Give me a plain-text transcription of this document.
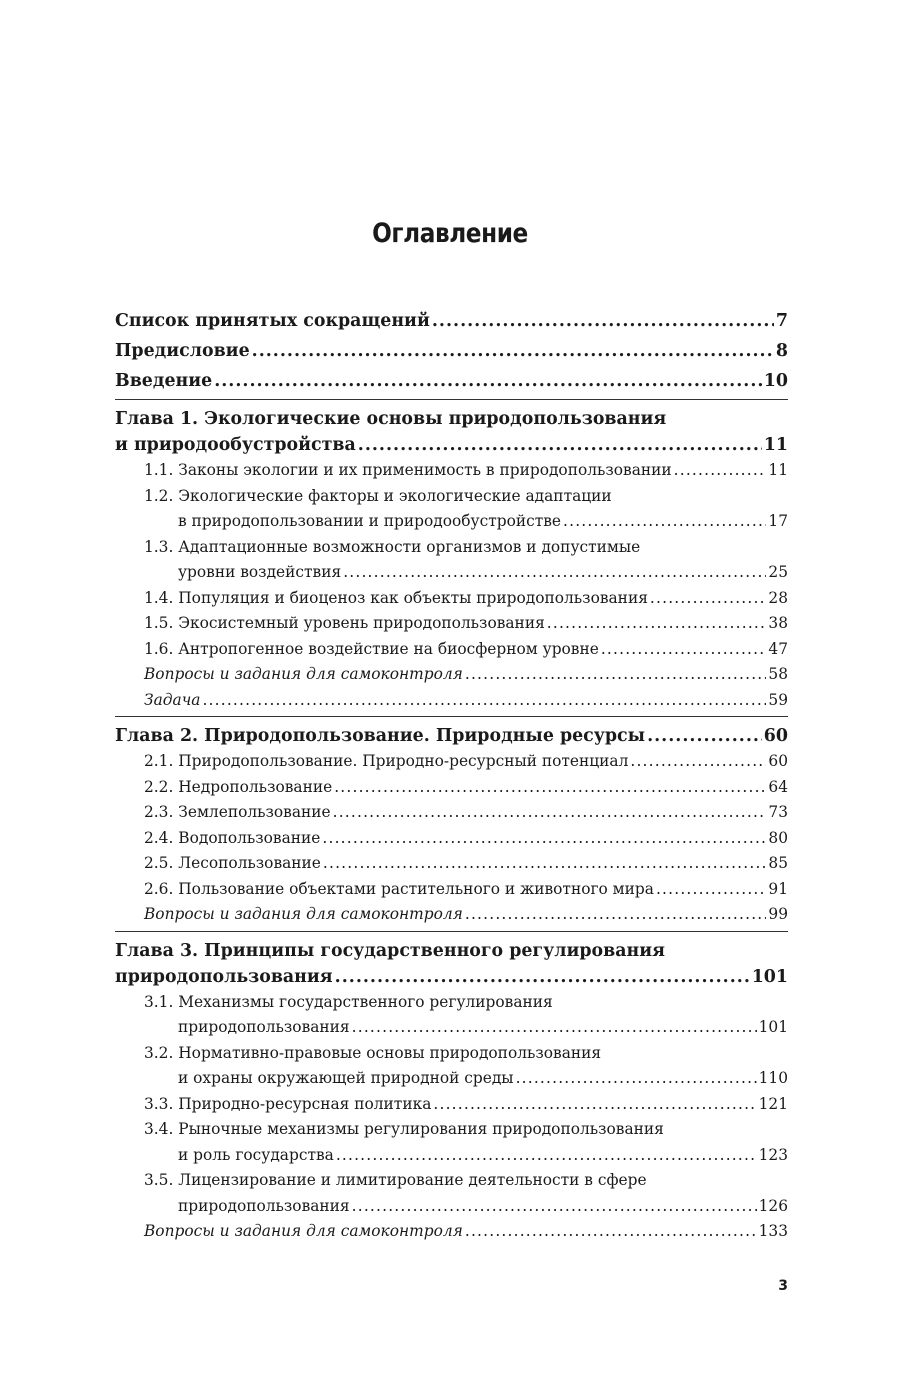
Оглавление
Список принятых сокращений .....	7
Предисловие .....	8
Введение .....	10
Глава 1. Экологические основы природопользования
и природообустройства .....	11
1.1. Законы экологии и их применимость в природопользовании .....	11
1.2. Экологические факторы и экологические адаптации
в природопользовании и природообустройстве .....	17
1.3. Адаптационные возможности организмов и допустимые
уровни воздействия .....	25
1.4. Популяция и биоценоз как объекты природопользования .....	28
1.5. Экосистемный уровень природопользования .....	38
1.6. Антропогенное воздействие на биосферном уровне .....	47
Вопросы и задания для самоконтроля .....	58
Задача .....	59
Глава 2. Природопользование. Природные ресурсы .....	60
2.1. Природопользование. Природно-ресурсный потенциал .....	60
2.2. Недропользование .....	64
2.3. Землепользование .....	73
2.4. Водопользование .....	80
2.5. Лесопользование .....	85
2.6. Пользование объектами растительного и животного мира .....	91
Вопросы и задания для самоконтроля .....	99
Глава 3. Принципы государственного регулирования
природопользования .....	101
3.1. Механизмы государственного регулирования
природопользования .....	101
3.2. Нормативно-правовые основы природопользования
и охраны окружающей природной среды .....	110
3.3. Природно-ресурсная политика .....	121
3.4. Рыночные механизмы регулирования природопользования
и роль государства .....	123
3.5. Лицензирование и лимитирование деятельности в сфере
природопользования .....	126
Вопросы и задания для самоконтроля .....	133
3
